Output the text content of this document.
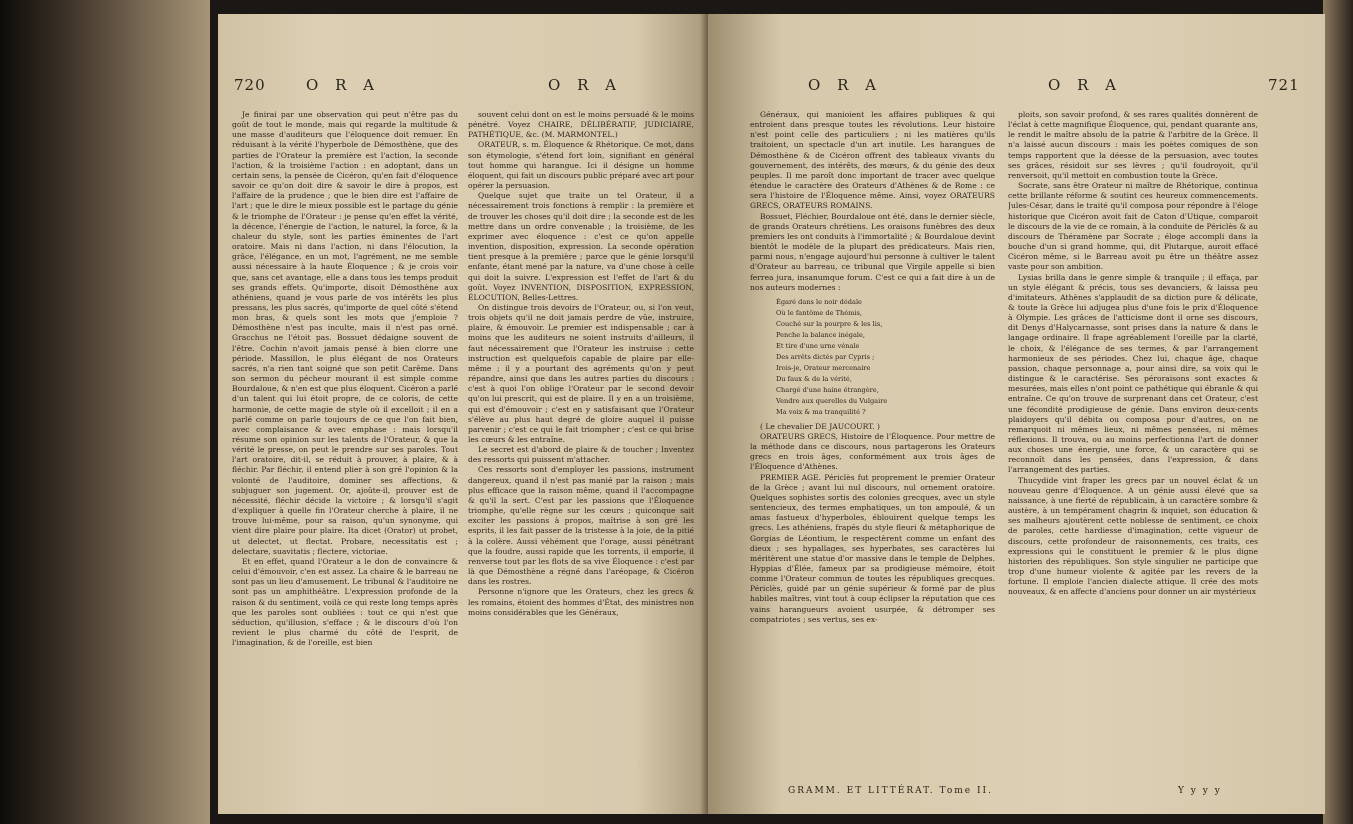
720	O R A	O R A

Je finirai par une observation qui peut n'être pas du goût de tout le monde, mais qui regarde la multitude & une masse d'auditeurs que l'éloquence doit remuer. En réduisant à la vérité l'hyperbole de Démosthène, que des parties de l'Orateur la première est l'action, la seconde l'action, & la troisième l'action : en adoptant, dans un certain sens, la pensée de Cicéron, qu'en fait d'éloquence savoir ce qu'on doit dire & savoir le dire à propos, est l'affaire de la prudence ; que le bien dire est l'affaire de l'art ; que le dire le mieux possible est le partage du génie & le triomphe de l'Orateur : je pense qu'en effet la vérité, la décence, l'énergie de l'action, le naturel, la force, & la chaleur du style, sont les parties éminentes de l'art oratoire. Mais ni dans l'action, ni dans l'élocution, la grâce, l'élégance, en un mot, l'agrément, ne me semble aussi nécessaire à la haute Éloquence ; & je crois voir que, sans cet avantage, elle a dans tous les temps produit ses grands effets. Qu'importe, disoit Démosthène aux athéniens, quand je vous parle de vos intérêts les plus pressans, les plus sacrés, qu'importe de quel côté s'étend mon bras, & quels sont les mots que j'emploie ? Démosthène n'est pas inculte, mais il n'est pas orné. Gracchus ne l'étoit pas. Bossuet dédaigne souvent de l'être. Cochin n'avoit jamais pensé à bien clorre une période. Massillon, le plus élégant de nos Orateurs sacrés, n'a rien tant soigné que son petit Carême. Dans son sermon du pécheur mourant il est simple comme Bourdaloue, & n'en est que plus éloquent. Cicéron a parlé d'un talent qui lui étoit propre, de ce coloris, de cette harmonie, de cette magie de style où il excelloit ; il en a parlé comme on parle toujours de ce que l'on fait bien, avec complaisance & avec emphase : mais lorsqu'il résume son opinion sur les talents de l'Orateur, & que la vérité le presse, on peut le prendre sur ses paroles. Tout l'art oratoire, dit-il, se réduit à prouver, à plaire, & à fléchir. Par fléchir, il entend plier à son gré l'opinion & la volonté de l'auditoire, dominer ses affections, & subjuguer son jugement. Or, ajoûte-il, prouver est de nécessité, fléchir décide la victoire ; & lorsqu'il s'agit d'expliquer à quelle fin l'Orateur cherche à plaire, il ne trouve lui-même, pour sa raison, qu'un synonyme, qui vient dire plaire pour plaire. Ita dicet (Orator) ut probet, ut delectet, ut flectat. Probare, necessitatis est ; delectare, suavitatis ; flectere, victoriae.

Et en effet, quand l'Orateur a le don de convaincre & celui d'émouvoir, c'en est assez. La chaire & le barreau ne sont pas un lieu d'amusement. Le tribunal & l'auditoire ne sont pas un amphithéâtre. L'expression profonde de la raison & du sentiment, voilà ce qui reste long temps après que les paroles sont oubliées : tout ce qui n'est que séduction, qu'illusion, s'efface ; & le discours d'où l'on revient le plus charmé du côté de l'esprit, de l'imagination, & de l'oreille, est bien

souvent celui dont on est le moins persuadé & le moins pénétré. Voyez CHAIRE, DÉLIBÉRATIF, JUDICIAIRE, PATHÉTIQUE, &c. (M. MARMONTEL.)

ORATEUR, s. m. Éloquence & Rhétorique. Ce mot, dans son étymologie, s'étend fort loin, signifiant en général tout homme qui harangue. Ici il désigne un homme éloquent, qui fait un discours public préparé avec art pour opérer la persuasion.

Quelque sujet que traite un tel Orateur, il a nécessairement trois fonctions à remplir : la première et de trouver les choses qu'il doit dire ; la seconde est de les mettre dans un ordre convenable ; la troisième, de les exprimer avec éloquence : c'est ce qu'on appelle invention, disposition, expression. La seconde opération tient presque à la première ; parce que le génie lorsqu'il enfante, étant mené par la nature, va d'une chose à celle qui doit la suivre. L'expression est l'effet de l'art & du goût. Voyez INVENTION, DISPOSITION, EXPRESSION, ÉLOCUTION, Belles-Lettres.

On distingue trois devoirs de l'Orateur, ou, si l'on veut, trois objets qu'il ne doit jamais perdre de vûe, instruire, plaire, & émouvoir. Le premier est indispensable ; car à moins que les auditeurs ne soient instruits d'ailleurs, il faut nécessairement que l'Orateur les instruise : cette instruction est quelquefois capable de plaire par elle-même ; il y a pourtant des agréments qu'on y peut répandre, ainsi que dans les autres parties du discours : c'est à quoi l'on oblige l'Orateur par le second devoir qu'on lui prescrit, qui est de plaire. Il y en a un troisième, qui est d'émouvoir ; c'est en y satisfaisant que l'Orateur s'élève au plus haut degré de gloire auquel il puisse parvenir ; c'est ce qui le fait triompher ; c'est ce qui brise les cœurs & les entraîne.

Le secret est d'abord de plaire & de toucher ; Inventez des ressorts qui puissent m'attacher.

Ces ressorts sont d'employer les passions, instrument dangereux, quand il n'est pas manié par la raison ; mais plus efficace que la raison même, quand il l'accompagne & qu'il la sert. C'est par les passions que l'Éloquence triomphe, qu'elle règne sur les cœurs ; quiconque sait exciter les passions à propos, maîtrise à son gré les esprits, il les fait passer de la tristesse à la joie, de la pitié à la colère. Aussi véhément que l'orage, aussi pénétrant que la foudre, aussi rapide que les torrents, il emporte, il renverse tout par les flots de sa vive Éloquence : c'est par là que Démosthène a régné dans l'aréopage, & Cicéron dans les rostres.

Personne n'ignore que les Orateurs, chez les grecs & les romains, étoient des hommes d'État, des ministres non moins considérables que les Généraux,

O R A	O R A	721

Généraux, qui manioient les affaires publiques & qui entroient dans presque toutes les révolutions. Leur histoire n'est point celle des particuliers ; ni les matières qu'ils traitoient, un spectacle d'un art inutile. Les harangues de Démosthène & de Cicéron offrent des tableaux vivants du gouvernement, des intérêts, des mœurs, & du génie des deux peuples. Il me paroît donc important de tracer avec quelque étendue le caractère des Orateurs d'Athènes & de Rome : ce sera l'histoire de l'Éloquence même. Ainsi, voyez ORATEURS GRECS, ORATEURS ROMAINS.

Bossuet, Fléchier, Bourdaloue ont été, dans le dernier siècle, de grands Orateurs chrétiens. Les oraisons funèbres des deux premiers les ont conduits à l'immortalité ; & Bourdaloue devint bientôt le modèle de la plupart des prédicateurs. Mais rien, parmi nous, n'engage aujourd'hui personne à cultiver le talent d'Orateur au barreau, ce tribunal que Virgile appelle si bien ferrea jura, insanumque forum. C'est ce qui a fait dire à un de nos auteurs modernes :

Égaré dans le noir dédale
Où le fantôme de Thémis,
Couché sur la pourpre & les lis,
Penche la balance inégale,
Et tire d'une urne vénale
Des arrêts dictés par Cypris ;
Irois-je, Orateur mercenaire
Du faux & de la vérité,
Chargé d'une haine étrangère,
Vendre aux querelles du Vulgaire
Ma voix & ma tranquilité ?

( Le chevalier DE JAUCOURT. )

ORATEURS GRECS, Histoire de l'Éloquence. Pour mettre de la méthode dans ce discours, nous partagerons les Orateurs grecs en trois âges, conformément aux trois âges de l'Éloquence d'Athènes.

PREMIER AGE. Périclès fut proprement le premier Orateur de la Grèce ; avant lui nul discours, nul ornement oratoire. Quelques sophistes sortis des colonies grecques, avec un style sentencieux, des termes emphatiques, un ton ampoulé, & un amas fastueux d'hyperboles, éblouirent quelque temps les grecs. Les athéniens, frapés du style fleuri & métaphorique de Gorgias de Léontium, le respectèrent comme un enfant des dieux ; ses hypallages, ses hyperbates, ses caractères lui méritèrent une statue d'or massive dans le temple de Delphes. Hyppias d'Élée, fameux par sa prodigieuse mémoire, étoit comme l'Orateur commun de toutes les républiques grecques. Périclès, guidé par un génie supérieur & formé par de plus habiles maîtres, vint tout à coup éclipser la réputation que ces vains harangueurs avoient usurpée, & détromper ses compatriotes ; ses vertus, ses ex-

ploits, son savoir profond, & ses rares qualités donnèrent de l'éclat à cette magnifique Éloquence, qui, pendant quarante ans, le rendit le maître absolu de la patrie & l'arbitre de la Grèce. Il n'a laissé aucun discours : mais les poètes comiques de son temps rapportent que la déesse de la persuasion, avec toutes ses grâces, résidoit sur ses lèvres ; qu'il foudroyoit, qu'il renversoit, qu'il mettoit en combustion toute la Grèce.

Socrate, sans être Orateur ni maître de Rhétorique, continua cette brillante réforme & soutint ces heureux commencements. Jules-César, dans le traité qu'il composa pour répondre à l'éloge historique que Cicéron avoit fait de Caton d'Utique, comparoit le discours de la vie de ce romain, à la conduite de Périclès & au discours de Théramène par Socrate ; éloge accompli dans la bouche d'un si grand homme, qui, dit Plutarque, auroit effacé Cicéron même, si le Barreau avoit pu être un théâtre assez vaste pour son ambition.

Lysias brilla dans le genre simple & tranquile ; il effaça, par un style élégant & précis, tous ses devanciers, & laissa peu d'imitateurs. Athènes s'applaudit de sa diction pure & délicate, & toute la Grèce lui adjugea plus d'une fois le prix d'Éloquence à Olympie. Les grâces de l'atticisme dont il orne ses discours, dit Denys d'Halycarnasse, sont prises dans la nature & dans le langage ordinaire. Il frape agréablement l'oreille par la clarté, le choix, & l'élégance de ses termes, & par l'arrangement harmonieux de ses périodes. Chez lui, chaque âge, chaque passion, chaque personnage a, pour ainsi dire, sa voix qui le distingue & le caractérise. Ses péroraisons sont exactes & mesurées, mais elles n'ont point ce pathétique qui ébranle & qui entraîne. Ce qu'on trouve de surprenant dans cet Orateur, c'est une fécondité prodigieuse de génie. Dans environ deux-cents plaidoyers qu'il débita ou composa pour d'autres, on ne remarquoit ni mêmes lieux, ni mêmes pensées, ni mêmes réflexions. Il trouva, ou au moins perfectionna l'art de donner aux choses une énergie, une force, & un caractère qui se reconnoît dans les pensées, dans l'expression, & dans l'arrangement des parties.

Thucydide vint fraper les grecs par un nouvel éclat & un nouveau genre d'Éloquence. A un génie aussi élevé que sa naissance, à une fierté de républicain, à un caractère sombre & austère, à un tempérament chagrin & inquiet, son éducation & ses malheurs ajoutèrent cette noblesse de sentiment, ce choix de paroles, cette hardiesse d'imagination, cette vigueur de discours, cette profondeur de raisonnements, ces traits, ces expressions qui le constituent le premier & le plus digne historien des républiques. Son style singulier ne participe que trop d'une humeur violente & agitée par les revers de la fortune. Il emploie l'ancien dialecte attique. Il crée des mots nouveaux, & en affecte d'anciens pour donner un air mystérieux

GRAMM. ET LITTÉRAT. Tome II.	Y y y y
